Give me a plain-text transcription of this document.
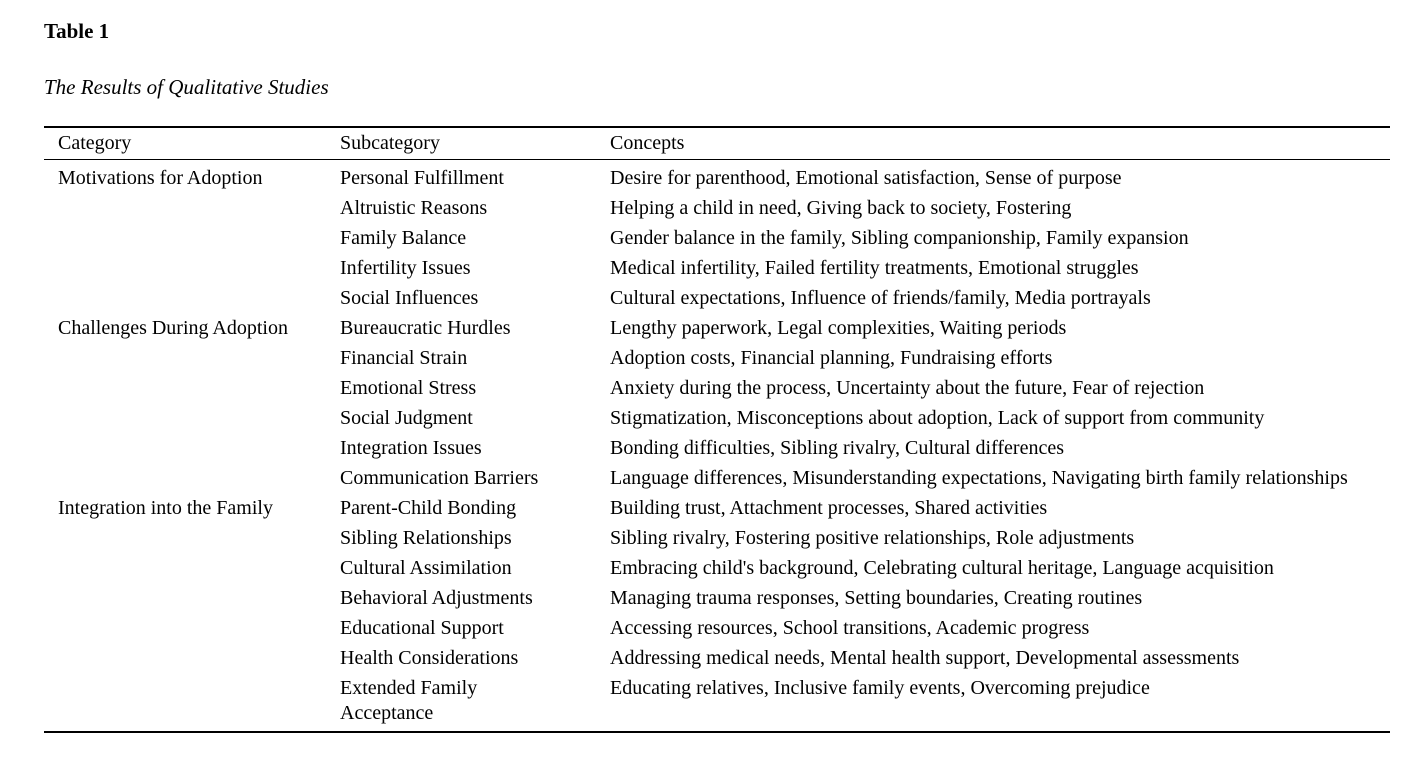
Table 1
The Results of Qualitative Studies
Category	Subcategory	Concepts
Motivations for Adoption	Personal Fulfillment	Desire for parenthood, Emotional satisfaction, Sense of purpose
	Altruistic Reasons	Helping a child in need, Giving back to society, Fostering
	Family Balance	Gender balance in the family, Sibling companionship, Family expansion
	Infertility Issues	Medical infertility, Failed fertility treatments, Emotional struggles
	Social Influences	Cultural expectations, Influence of friends/family, Media portrayals
Challenges During Adoption	Bureaucratic Hurdles	Lengthy paperwork, Legal complexities, Waiting periods
	Financial Strain	Adoption costs, Financial planning, Fundraising efforts
	Emotional Stress	Anxiety during the process, Uncertainty about the future, Fear of rejection
	Social Judgment	Stigmatization, Misconceptions about adoption, Lack of support from community
	Integration Issues	Bonding difficulties, Sibling rivalry, Cultural differences
	Communication Barriers	Language differences, Misunderstanding expectations, Navigating birth family relationships
Integration into the Family	Parent-Child Bonding	Building trust, Attachment processes, Shared activities
	Sibling Relationships	Sibling rivalry, Fostering positive relationships, Role adjustments
	Cultural Assimilation	Embracing child's background, Celebrating cultural heritage, Language acquisition
	Behavioral Adjustments	Managing trauma responses, Setting boundaries, Creating routines
	Educational Support	Accessing resources, School transitions, Academic progress
	Health Considerations	Addressing medical needs, Mental health support, Developmental assessments
	Extended Family Acceptance	Educating relatives, Inclusive family events, Overcoming prejudice
